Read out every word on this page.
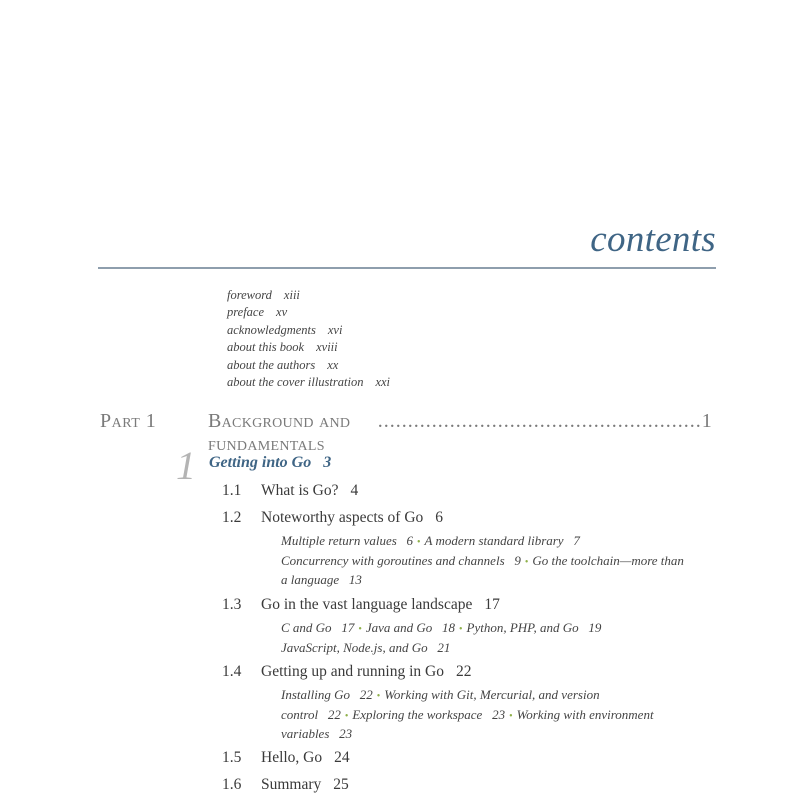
contents
foreword xiii
preface xv
acknowledgments xvi
about this book xviii
about the authors xx
about the cover illustration xxi
Part 1	Background and fundamentals
...................................................... 1
1 Getting into Go 3
1.1 What is Go? 4
1.2 Noteworthy aspects of Go 6
Multiple return values 6 • A modern standard library 7
Concurrency with goroutines and channels 9 • Go the toolchain—more than a language 13
1.3 Go in the vast language landscape 17
C and Go 17 • Java and Go 18 • Python, PHP, and Go 19
JavaScript, Node.js, and Go 21
1.4 Getting up and running in Go 22
Installing Go 22 • Working with Git, Mercurial, and version control 22 • Exploring the workspace 23 • Working with environment variables 23
1.5 Hello, Go 24
1.6 Summary 25
